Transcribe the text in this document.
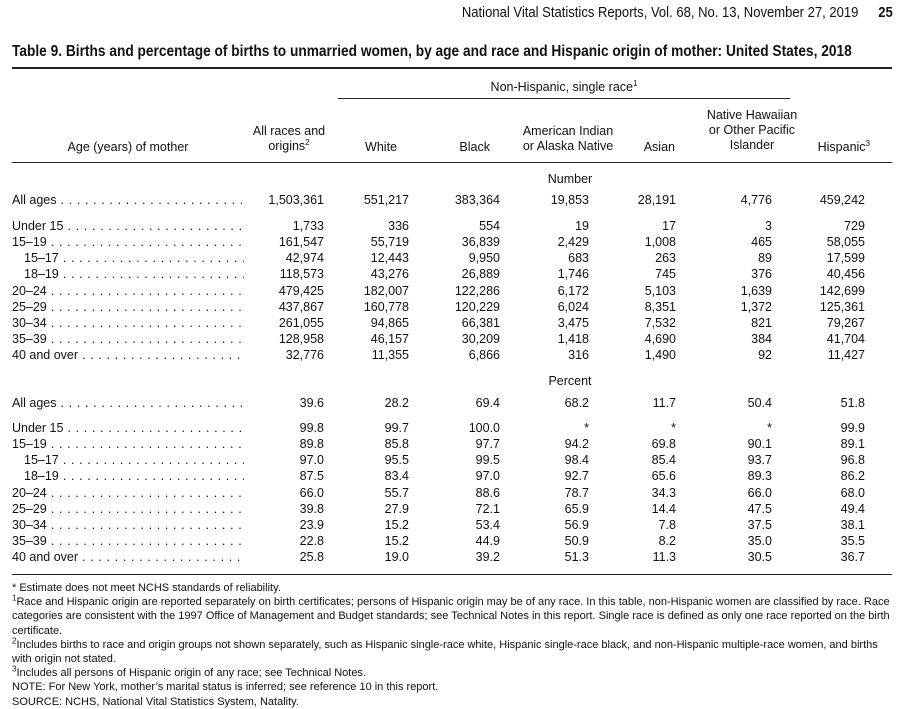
National Vital Statistics Reports, Vol. 68, No. 13, November 27, 2019 25
Table 9. Births and percentage of births to unmarried women, by age and race and Hispanic origin of mother: United States, 2018
Age (years) of mother
All races and
origins$^2$
Non-Hispanic, single race$^1$
White	Black
American Indian
or Alaska Native	Asian
Native Hawaiian
or Other Pacific
Islander	Hispanic$^3$
Number
Percent
All ages . . .	1,503,361	551,217	383,364	19,853	28,191	4,776	459,242
Under 15 . . .	1,733	336	554	19	17	3	729
15–19 . . .	161,547	55,719	36,839	2,429	1,008	465	58,055
15–17 . . .	42,974	12,443	9,950	683	263	89	17,599
18–19 . . .	118,573	43,276	26,889	1,746	745	376	40,456
20–24 . . .	479,425	182,007	122,286	6,172	5,103	1,639	142,699
25–29 . . .	437,867	160,778	120,229	6,024	8,351	1,372	125,361
30–34 . . .	261,055	94,865	66,381	3,475	7,532	821	79,267
35–39 . . .	128,958	46,157	30,209	1,418	4,690	384	41,704
40 and over . . .	32,776	11,355	6,866	316	1,490	92	11,427
All ages . . .	39.6	28.2	69.4	68.2	11.7	50.4	51.8
Under 15 . . .	99.8	99.7	100.0	*	*	*	99.9
15–19 . . .	89.8	85.8	97.7	94.2	69.8	90.1	89.1
15–17 . . .	97.0	95.5	99.5	98.4	85.4	93.7	96.8
18–19 . . .	87.5	83.4	97.0	92.7	65.6	89.3	86.2
20–24 . . .	66.0	55.7	88.6	78.7	34.3	66.0	68.0
25–29 . . .	39.8	27.9	72.1	65.9	14.4	47.5	49.4
30–34 . . .	23.9	15.2	53.4	56.9	7.8	37.5	38.1
35–39 . . .	22.8	15.2	44.9	50.9	8.2	35.0	35.5
40 and over . . .	25.8	19.0	39.2	51.3	11.3	30.5	36.7

* Estimate does not meet NCHS standards of reliability.

$^1$Race and Hispanic origin are reported separately on birth certificates; persons of Hispanic origin may be of any race. In this table, non-Hispanic women are classified by race. Race categories are consistent with the 1997 Office of Management and Budget standards; see Technical Notes in this report. Single race is defined as only one race reported on the birth certificate.

$^2$Includes births to race and origin groups not shown separately, such as Hispanic single-race white, Hispanic single-race black, and non-Hispanic multiple-race women, and births with origin not stated.

$^3$Includes all persons of Hispanic origin of any race; see Technical Notes.

NOTE: For New York, mother’s marital status is inferred; see reference 10 in this report.

SOURCE: NCHS, National Vital Statistics System, Natality.
